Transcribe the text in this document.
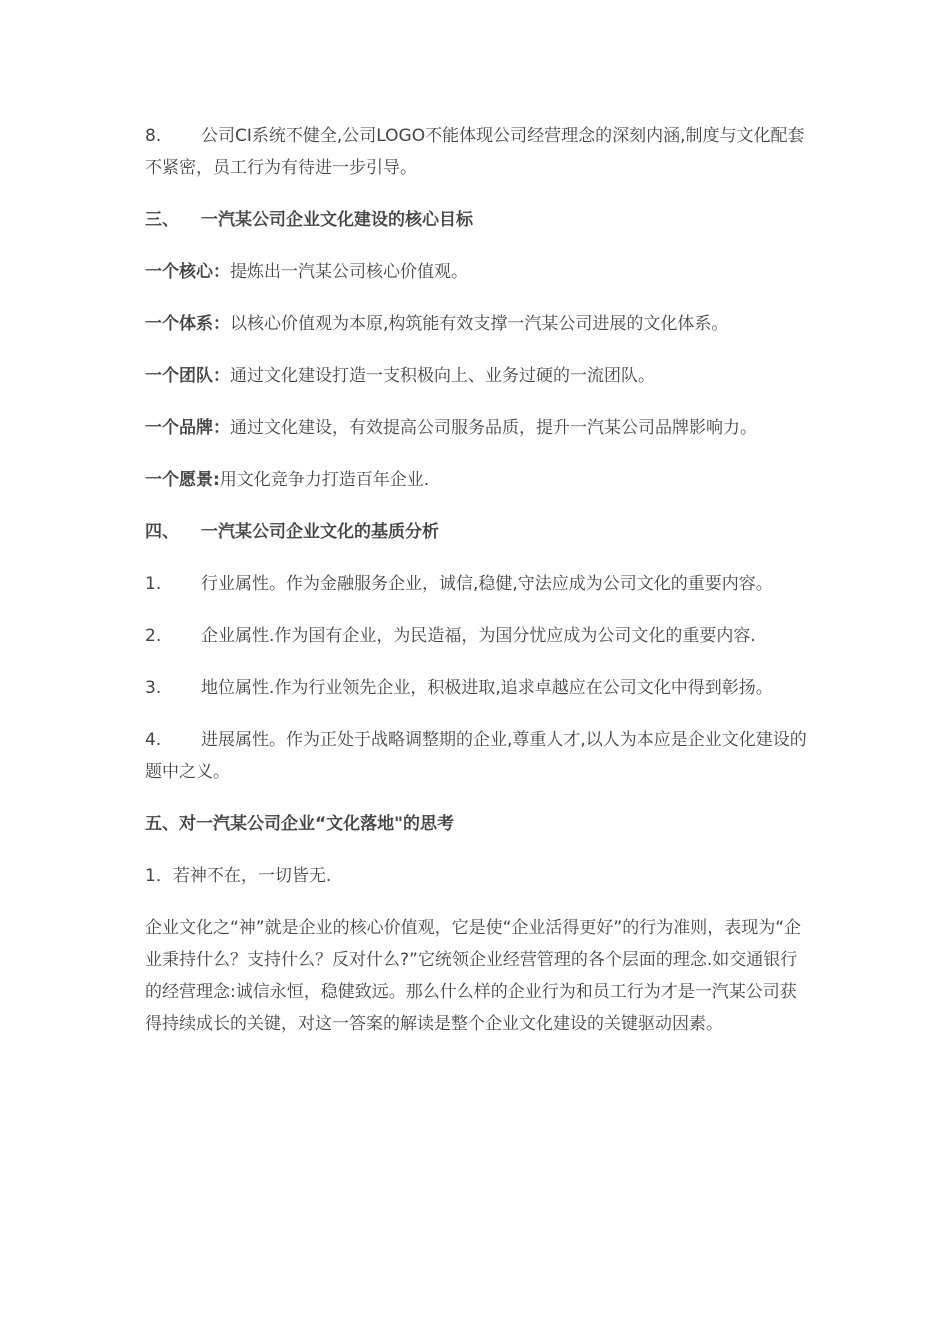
8. 公司CI系统不健全,公司LOGO不能体现公司经营理念的深刻内涵,制度与文化配套不紧密，员工行为有待进一步引导。

三、 一汽某公司企业文化建设的核心目标

一个核心：提炼出一汽某公司核心价值观。

一个体系：以核心价值观为本原,构筑能有效支撑一汽某公司进展的文化体系。

一个团队：通过文化建设打造一支积极向上、业务过硬的一流团队。

一个品牌：通过文化建设，有效提高公司服务品质，提升一汽某公司品牌影响力。

一个愿景:用文化竞争力打造百年企业.

四、 一汽某公司企业文化的基质分析

1. 行业属性。作为金融服务企业，诚信,稳健,守法应成为公司文化的重要内容。

2. 企业属性.作为国有企业，为民造福，为国分忧应成为公司文化的重要内容.

3. 地位属性.作为行业领先企业，积极进取,追求卓越应在公司文化中得到彰扬。

4. 进展属性。作为正处于战略调整期的企业,尊重人才,以人为本应是企业文化建设的题中之义。

五、对一汽某公司企业“文化落地"的思考

1．若神不在，一切皆无.

企业文化之“神”就是企业的核心价值观，它是使“企业活得更好”的行为准则，表现为“企业秉持什么？支持什么？反对什么?”它统领企业经营管理的各个层面的理念.如交通银行的经营理念:诚信永恒，稳健致远。那么什么样的企业行为和员工行为才是一汽某公司获得持续成长的关键，对这一答案的解读是整个企业文化建设的关键驱动因素。
